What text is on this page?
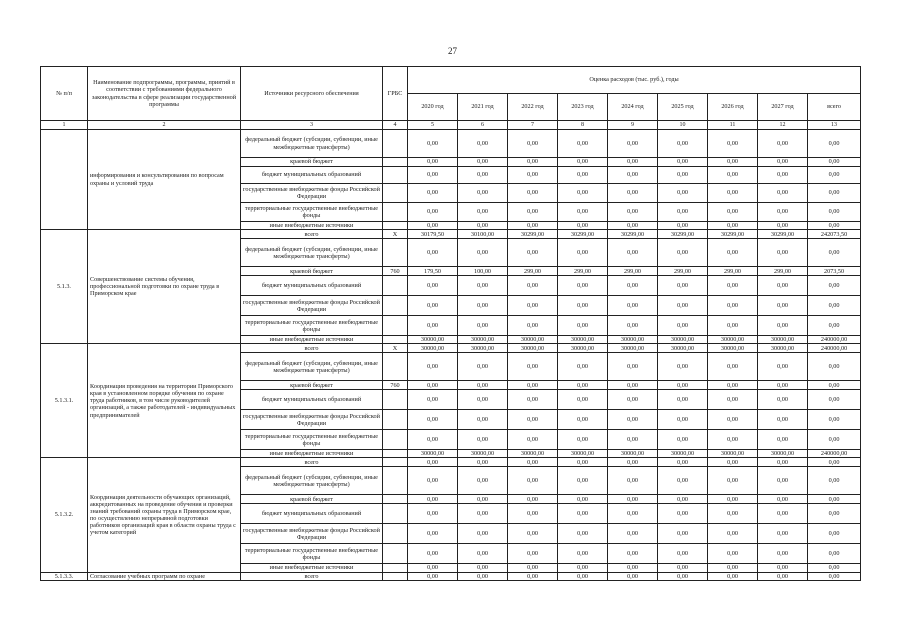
27
№ п/п	Наименование подпрограммы, программы, приятий в соответствии с требованиями федерального законодательства в сфере реализации государственной программы	Источники ресурсного обеспечения	ГРБС	Оценка расходов (тыс. руб.), годы								
				2020 год	2021 год	2022 год	2023 год	2024 год	2025 год	2026 год	2027 год	всего
1	2	3	4	5	6	7	8	9	10	11	12	13
	информирования и консультирования по вопросам охраны и условий труда	федеральный бюджет (субсидии, субвенции, иные межбюджетные трансферты)		0,00	0,00	0,00	0,00	0,00	0,00	0,00	0,00	0,00
		краевой бюджет		0,00	0,00	0,00	0,00	0,00	0,00	0,00	0,00	0,00
		бюджет муниципальных образований		0,00	0,00	0,00	0,00	0,00	0,00	0,00	0,00	0,00
		государственные внебюджетные фонды Российской Федерации		0,00	0,00	0,00	0,00	0,00	0,00	0,00	0,00	0,00
		территориальные государственные внебюджетные фонды		0,00	0,00	0,00	0,00	0,00	0,00	0,00	0,00	0,00
		иные внебюджетные источники		0,00	0,00	0,00	0,00	0,00	0,00	0,00	0,00	0,00
5.1.3.	Совершенствование системы обучения, профессиональной подготовки по охране труда в Приморском крае	всего	X	30179,50	30100,00	30299,00	30299,00	30299,00	30299,00	30299,00	30299,00	242073,50
		федеральный бюджет (субсидии, субвенции, иные межбюджетные трансферты)		0,00	0,00	0,00	0,00	0,00	0,00	0,00	0,00	0,00
		краевой бюджет	760	179,50	100,00	299,00	299,00	299,00	299,00	299,00	299,00	2073,50
		бюджет муниципальных образований		0,00	0,00	0,00	0,00	0,00	0,00	0,00	0,00	0,00
		государственные внебюджетные фонды Российской Федерации		0,00	0,00	0,00	0,00	0,00	0,00	0,00	0,00	0,00
		территориальные государственные внебюджетные фонды		0,00	0,00	0,00	0,00	0,00	0,00	0,00	0,00	0,00
		иные внебюджетные источники		30000,00	30000,00	30000,00	30000,00	30000,00	30000,00	30000,00	30000,00	240000,00
5.1.3.1.	Координация проведения на территории Приморского края в установленном порядке обучения по охране труда работников, в том числе руководителей организаций, а также работодателей - индивидуальных предпринимателей	всего	X	30000,00	30000,00	30000,00	30000,00	30000,00	30000,00	30000,00	30000,00	240000,00
		федеральный бюджет (субсидии, субвенции, иные межбюджетные трансферты)		0,00	0,00	0,00	0,00	0,00	0,00	0,00	0,00	0,00
		краевой бюджет	760	0,00	0,00	0,00	0,00	0,00	0,00	0,00	0,00	0,00
		бюджет муниципальных образований		0,00	0,00	0,00	0,00	0,00	0,00	0,00	0,00	0,00
		государственные внебюджетные фонды Российской Федерации		0,00	0,00	0,00	0,00	0,00	0,00	0,00	0,00	0,00
		территориальные государственные внебюджетные фонды		0,00	0,00	0,00	0,00	0,00	0,00	0,00	0,00	0,00
		иные внебюджетные источники		30000,00	30000,00	30000,00	30000,00	30000,00	30000,00	30000,00	30000,00	240000,00
5.1.3.2.	Координация деятельности обучающих организаций, аккредитованных на проведение обучения и проверки знаний требований охраны труда в Приморском крае, по осуществлению непрерывной подготовки работников организаций края в области охраны труда с учетом категорий	всего		0,00	0,00	0,00	0,00	0,00	0,00	0,00	0,00	0,00
		федеральный бюджет (субсидии, субвенции, иные межбюджетные трансферты)		0,00	0,00	0,00	0,00	0,00	0,00	0,00	0,00	0,00
		краевой бюджет		0,00	0,00	0,00	0,00	0,00	0,00	0,00	0,00	0,00
		бюджет муниципальных образований		0,00	0,00	0,00	0,00	0,00	0,00	0,00	0,00	0,00
		государственные внебюджетные фонды Российской Федерации		0,00	0,00	0,00	0,00	0,00	0,00	0,00	0,00	0,00
		территориальные государственные внебюджетные фонды		0,00	0,00	0,00	0,00	0,00	0,00	0,00	0,00	0,00
		иные внебюджетные источники		0,00	0,00	0,00	0,00	0,00	0,00	0,00	0,00	0,00
5.1.3.3.	Согласование учебных программ по охране	всего		0,00	0,00	0,00	0,00	0,00	0,00	0,00	0,00	0,00
